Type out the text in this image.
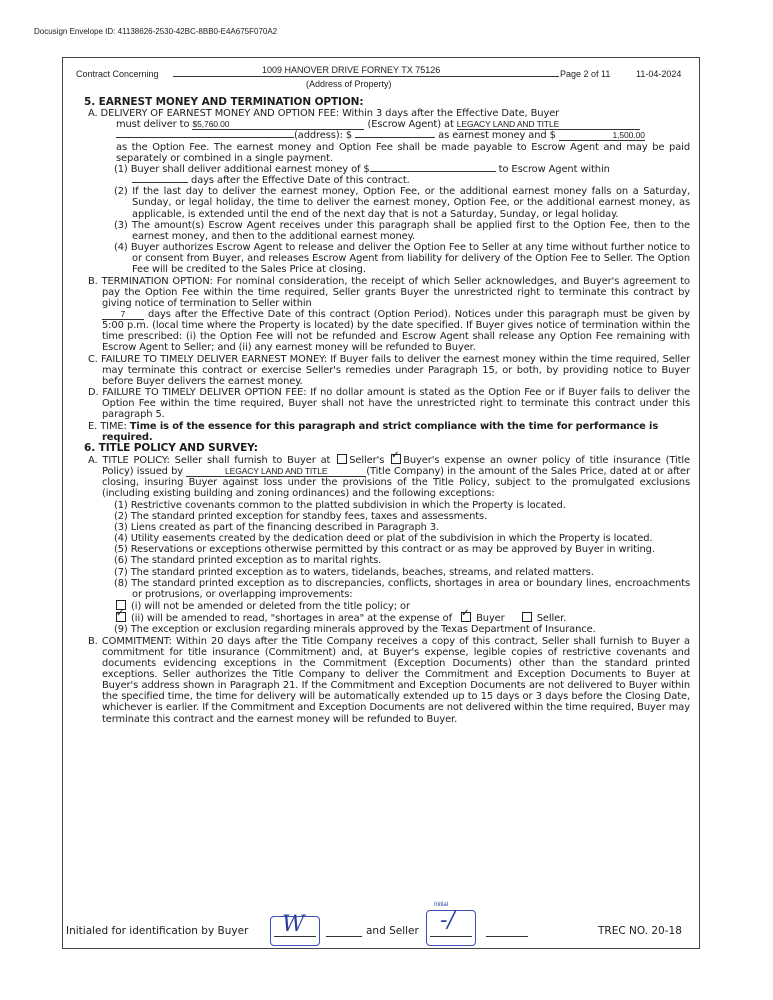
Docusign Envelope ID: 41138626-2530-42BC-8BB0-E4A675F070A2
Contract Concerning	1009 HANOVER DRIVE FORNEY TX 75126
(Address of Property)
Page 2 of 11	11-04-2024

5. EARNEST MONEY AND TERMINATION OPTION:

A. DELIVERY OF EARNEST MONEY AND OPTION FEE: Within 3 days after the Effective Date, Buyer
must deliver to $5,760.00	(Escrow Agent) at LEGACY LAND AND TITLE
(address): $	as earnest money and $	1,500.00
as the Option Fee. The earnest money and Option Fee shall be made payable to Escrow Agent and may be paid separately or combined in a single payment.
(1) Buyer shall deliver additional earnest money of $	to Escrow Agent within
days after the Effective Date of this contract.

(2) If the last day to deliver the earnest money, Option Fee, or the additional earnest money falls on a Saturday, Sunday, or legal holiday, the time to deliver the earnest money, Option Fee, or the additional earnest money, as applicable, is extended until the end of the next day that is not a Saturday, Sunday, or legal holiday.

(3) The amount(s) Escrow Agent receives under this paragraph shall be applied first to the Option Fee, then to the earnest money, and then to the additional earnest money.

(4) Buyer authorizes Escrow Agent to release and deliver the Option Fee to Seller at any time without further notice to or consent from Buyer, and releases Escrow Agent from liability for delivery of the Option Fee to Seller. The Option Fee will be credited to the Sales Price at closing.

B. TERMINATION OPTION: For nominal consideration, the receipt of which Seller acknowledges, and Buyer's agreement to pay the Option Fee within the time required, Seller grants Buyer the unrestricted right to terminate this contract by giving notice of termination to Seller within
7 days after the Effective Date of this contract (Option Period). Notices under this paragraph must be given by 5:00 p.m. (local time where the Property is located) by the date specified. If Buyer gives notice of termination within the time prescribed: (i) the Option Fee will not be refunded and Escrow Agent shall release any Option Fee remaining with Escrow Agent to Seller; and (ii) any earnest money will be refunded to Buyer.

C. FAILURE TO TIMELY DELIVER EARNEST MONEY: If Buyer fails to deliver the earnest money within the time required, Seller may terminate this contract or exercise Seller's remedies under Paragraph 15, or both, by providing notice to Buyer before Buyer delivers the earnest money.

D. FAILURE TO TIMELY DELIVER OPTION FEE: If no dollar amount is stated as the Option Fee or if Buyer fails to deliver the Option Fee within the time required, Buyer shall not have the unrestricted right to terminate this contract under this paragraph 5.

E. TIME: Time is of the essence for this paragraph and strict compliance with the time for performance is required.

6. TITLE POLICY AND SURVEY:

A. TITLE POLICY: Seller shall furnish to Buyer at Seller's ✓ Buyer's expense an owner policy of title insurance (Title Policy) issued by	LEGACY LAND AND TITLE	(Title Company) in the amount of the Sales Price, dated at or after closing, insuring Buyer against loss under the provisions of the Title Policy, subject to the promulgated exclusions (including existing building and zoning ordinances) and the following exceptions:

(1) Restrictive covenants common to the platted subdivision in which the Property is located.

(2) The standard printed exception for standby fees, taxes and assessments.

(3) Liens created as part of the financing described in Paragraph 3.

(4) Utility easements created by the dedication deed or plat of the subdivision in which the Property is located.

(5) Reservations or exceptions otherwise permitted by this contract or as may be approved by Buyer in writing.

(6) The standard printed exception as to marital rights.

(7) The standard printed exception as to waters, tidelands, beaches, streams, and related matters.

(8) The standard printed exception as to discrepancies, conflicts, shortages in area or boundary lines, encroachments or protrusions, or overlapping improvements:

(i) will not be amended or deleted from the title policy; or

✓ (ii) will be amended to read, "shortages in area" at the expense of ✓ Buyer	Seller.

(9) The exception or exclusion regarding minerals approved by the Texas Department of Insurance.

B. COMMITMENT: Within 20 days after the Title Company receives a copy of this contract, Seller shall furnish to Buyer a commitment for title insurance (Commitment) and, at Buyer's expense, legible copies of restrictive covenants and documents evidencing exceptions in the Commitment (Exception Documents) other than the standard printed exceptions. Seller authorizes the Title Company to deliver the Commitment and Exception Documents to Buyer at Buyer's address shown in Paragraph 21. If the Commitment and Exception Documents are not delivered to Buyer within the specified time, the time for delivery will be automatically extended up to 15 days or 3 days before the Closing Date, whichever is earlier. If the Commitment and Exception Documents are not delivered within the time required, Buyer may terminate this contract and the earnest money will be refunded to Buyer.

Initialed for identification by Buyer	and Seller	TREC NO. 20-18
W
Initial
-/
